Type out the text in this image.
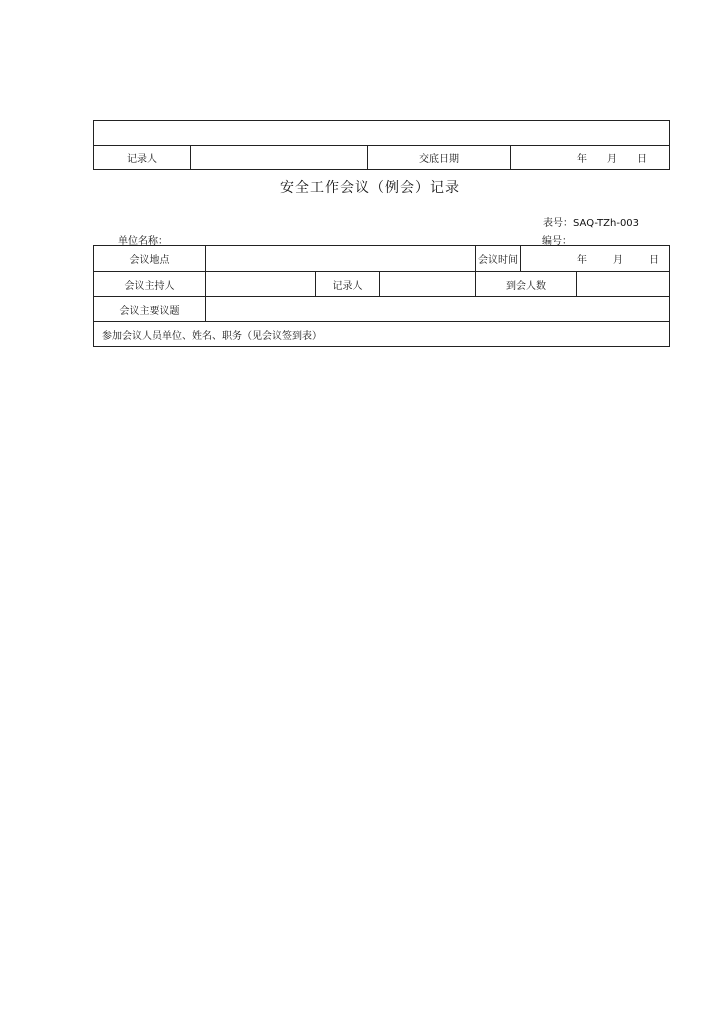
记录人		交底日期	年 月 日
安全工作会议（例会）记录
表号：SAQ-TZh-003
单位名称：	编号：
会议地点				会议时间	年 月 日	
会议主持人		记录人		到会人数		
会议主要议题						
参加会议人员单位、姓名、职务（见会议签到表）						
